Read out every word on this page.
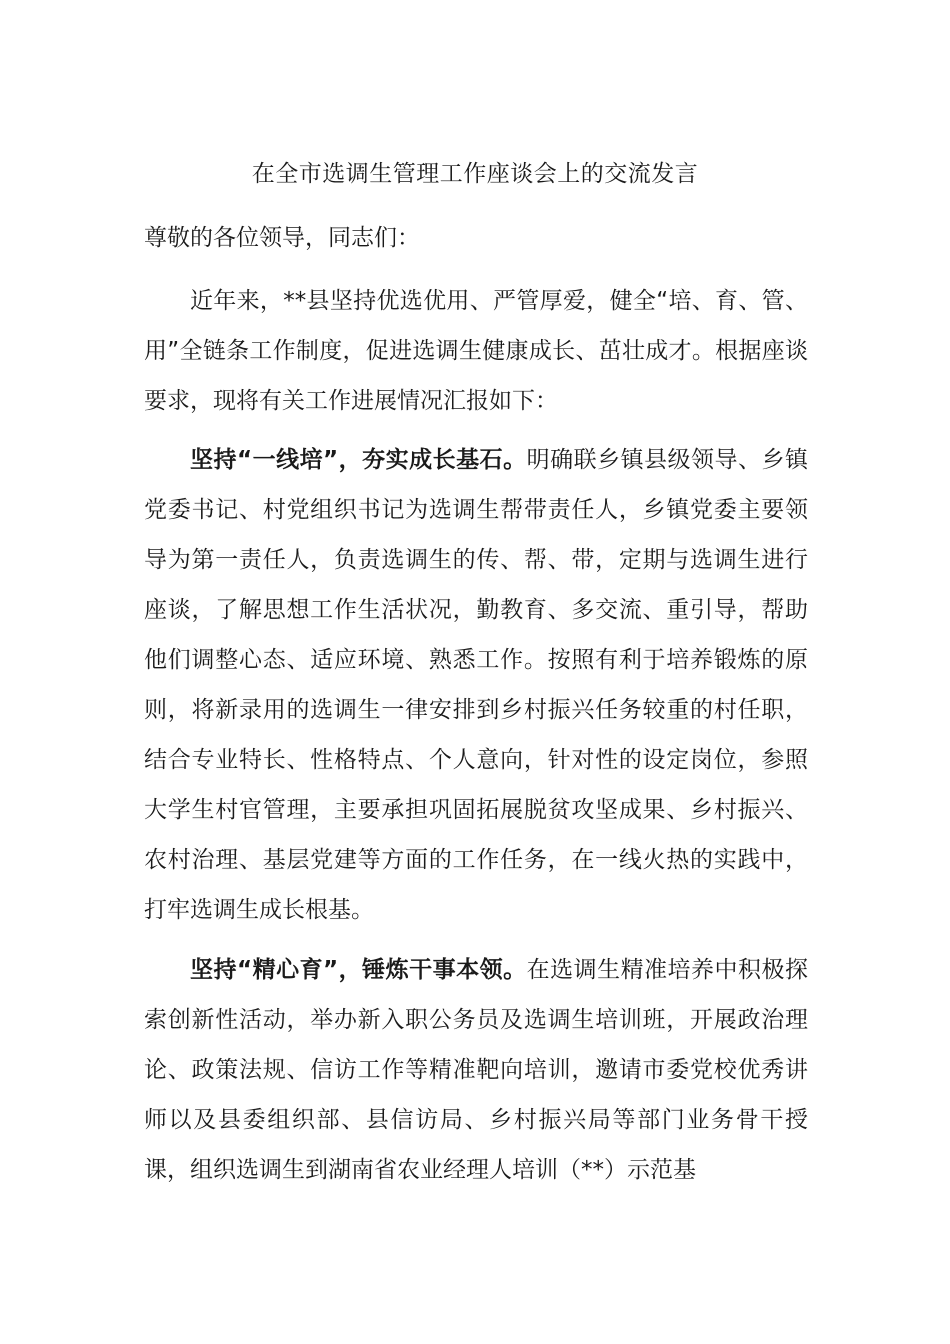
在全市选调生管理工作座谈会上的交流发言
尊敬的各位领导，同志们：

近年来，**县坚持优选优用、严管厚爱，健全“培、育、管、用”全链条工作制度，促进选调生健康成长、茁壮成才。根据座谈要求，现将有关工作进展情况汇报如下：

坚持“一线培”，夯实成长基石。明确联乡镇县级领导、乡镇党委书记、村党组织书记为选调生帮带责任人，乡镇党委主要领导为第一责任人，负责选调生的传、帮、带，定期与选调生进行座谈，了解思想工作生活状况，勤教育、多交流、重引导，帮助他们调整心态、适应环境、熟悉工作。按照有利于培养锻炼的原则，将新录用的选调生一律安排到乡村振兴任务较重的村任职，结合专业特长、性格特点、个人意向，针对性的设定岗位，参照大学生村官管理，主要承担巩固拓展脱贫攻坚成果、乡村振兴、农村治理、基层党建等方面的工作任务，在一线火热的实践中，打牢选调生成长根基。

坚持“精心育”，锤炼干事本领。在选调生精准培养中积极探索创新性活动，举办新入职公务员及选调生培训班，开展政治理论、政策法规、信访工作等精准靶向培训，邀请市委党校优秀讲师以及县委组织部、县信访局、乡村振兴局等部门业务骨干授课，组织选调生到湖南省农业经理人培训（**）示范基
